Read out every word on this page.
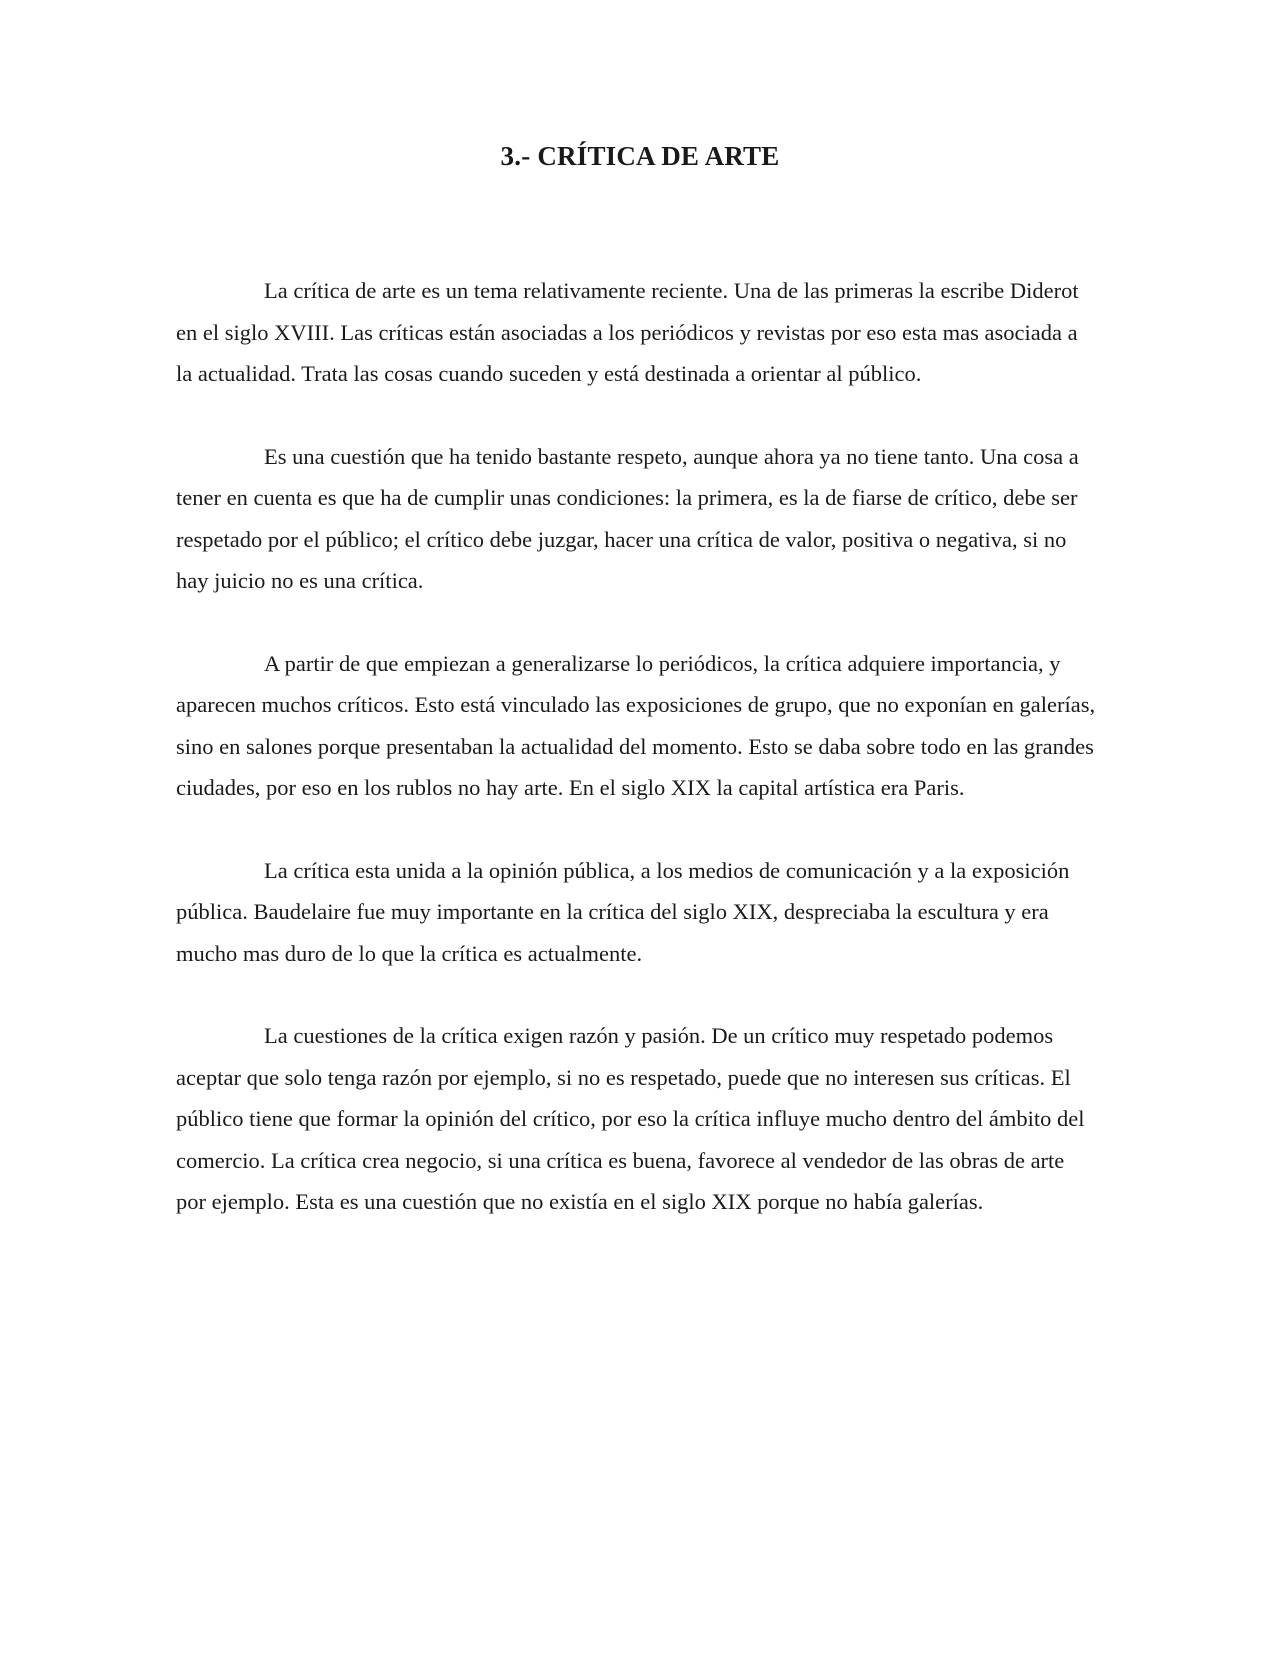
3.- CRÍTICA DE ARTE

La crítica de arte es un tema relativamente reciente. Una de las primeras la escribe Diderot en el siglo XVIII. Las críticas están asociadas a los periódicos y revistas por eso esta mas asociada a la actualidad. Trata las cosas cuando suceden y está destinada a orientar al público.

Es una cuestión que ha tenido bastante respeto, aunque ahora ya no tiene tanto. Una cosa a tener en cuenta es que ha de cumplir unas condiciones: la primera, es la de fiarse de crítico, debe ser respetado por el público; el crítico debe juzgar, hacer una crítica de valor, positiva o negativa, si no hay juicio no es una crítica.

A partir de que empiezan a generalizarse lo periódicos, la crítica adquiere importancia, y aparecen muchos críticos. Esto está vinculado las exposiciones de grupo, que no exponían en galerías, sino en salones porque presentaban la actualidad del momento. Esto se daba sobre todo en las grandes ciudades, por eso en los rublos no hay arte. En el siglo XIX la capital artística era Paris.

La crítica esta unida a la opinión pública, a los medios de comunicación y a la exposición pública. Baudelaire fue muy importante en la crítica del siglo XIX, despreciaba la escultura y era mucho mas duro de lo que la crítica es actualmente.

La cuestiones de la crítica exigen razón y pasión. De un crítico muy respetado podemos aceptar que solo tenga razón por ejemplo, si no es respetado, puede que no interesen sus críticas. El público tiene que formar la opinión del crítico, por eso la crítica influye mucho dentro del ámbito del comercio. La crítica crea negocio, si una crítica es buena, favorece al vendedor de las obras de arte por ejemplo. Esta es una cuestión que no existía en el siglo XIX porque no había galerías.
